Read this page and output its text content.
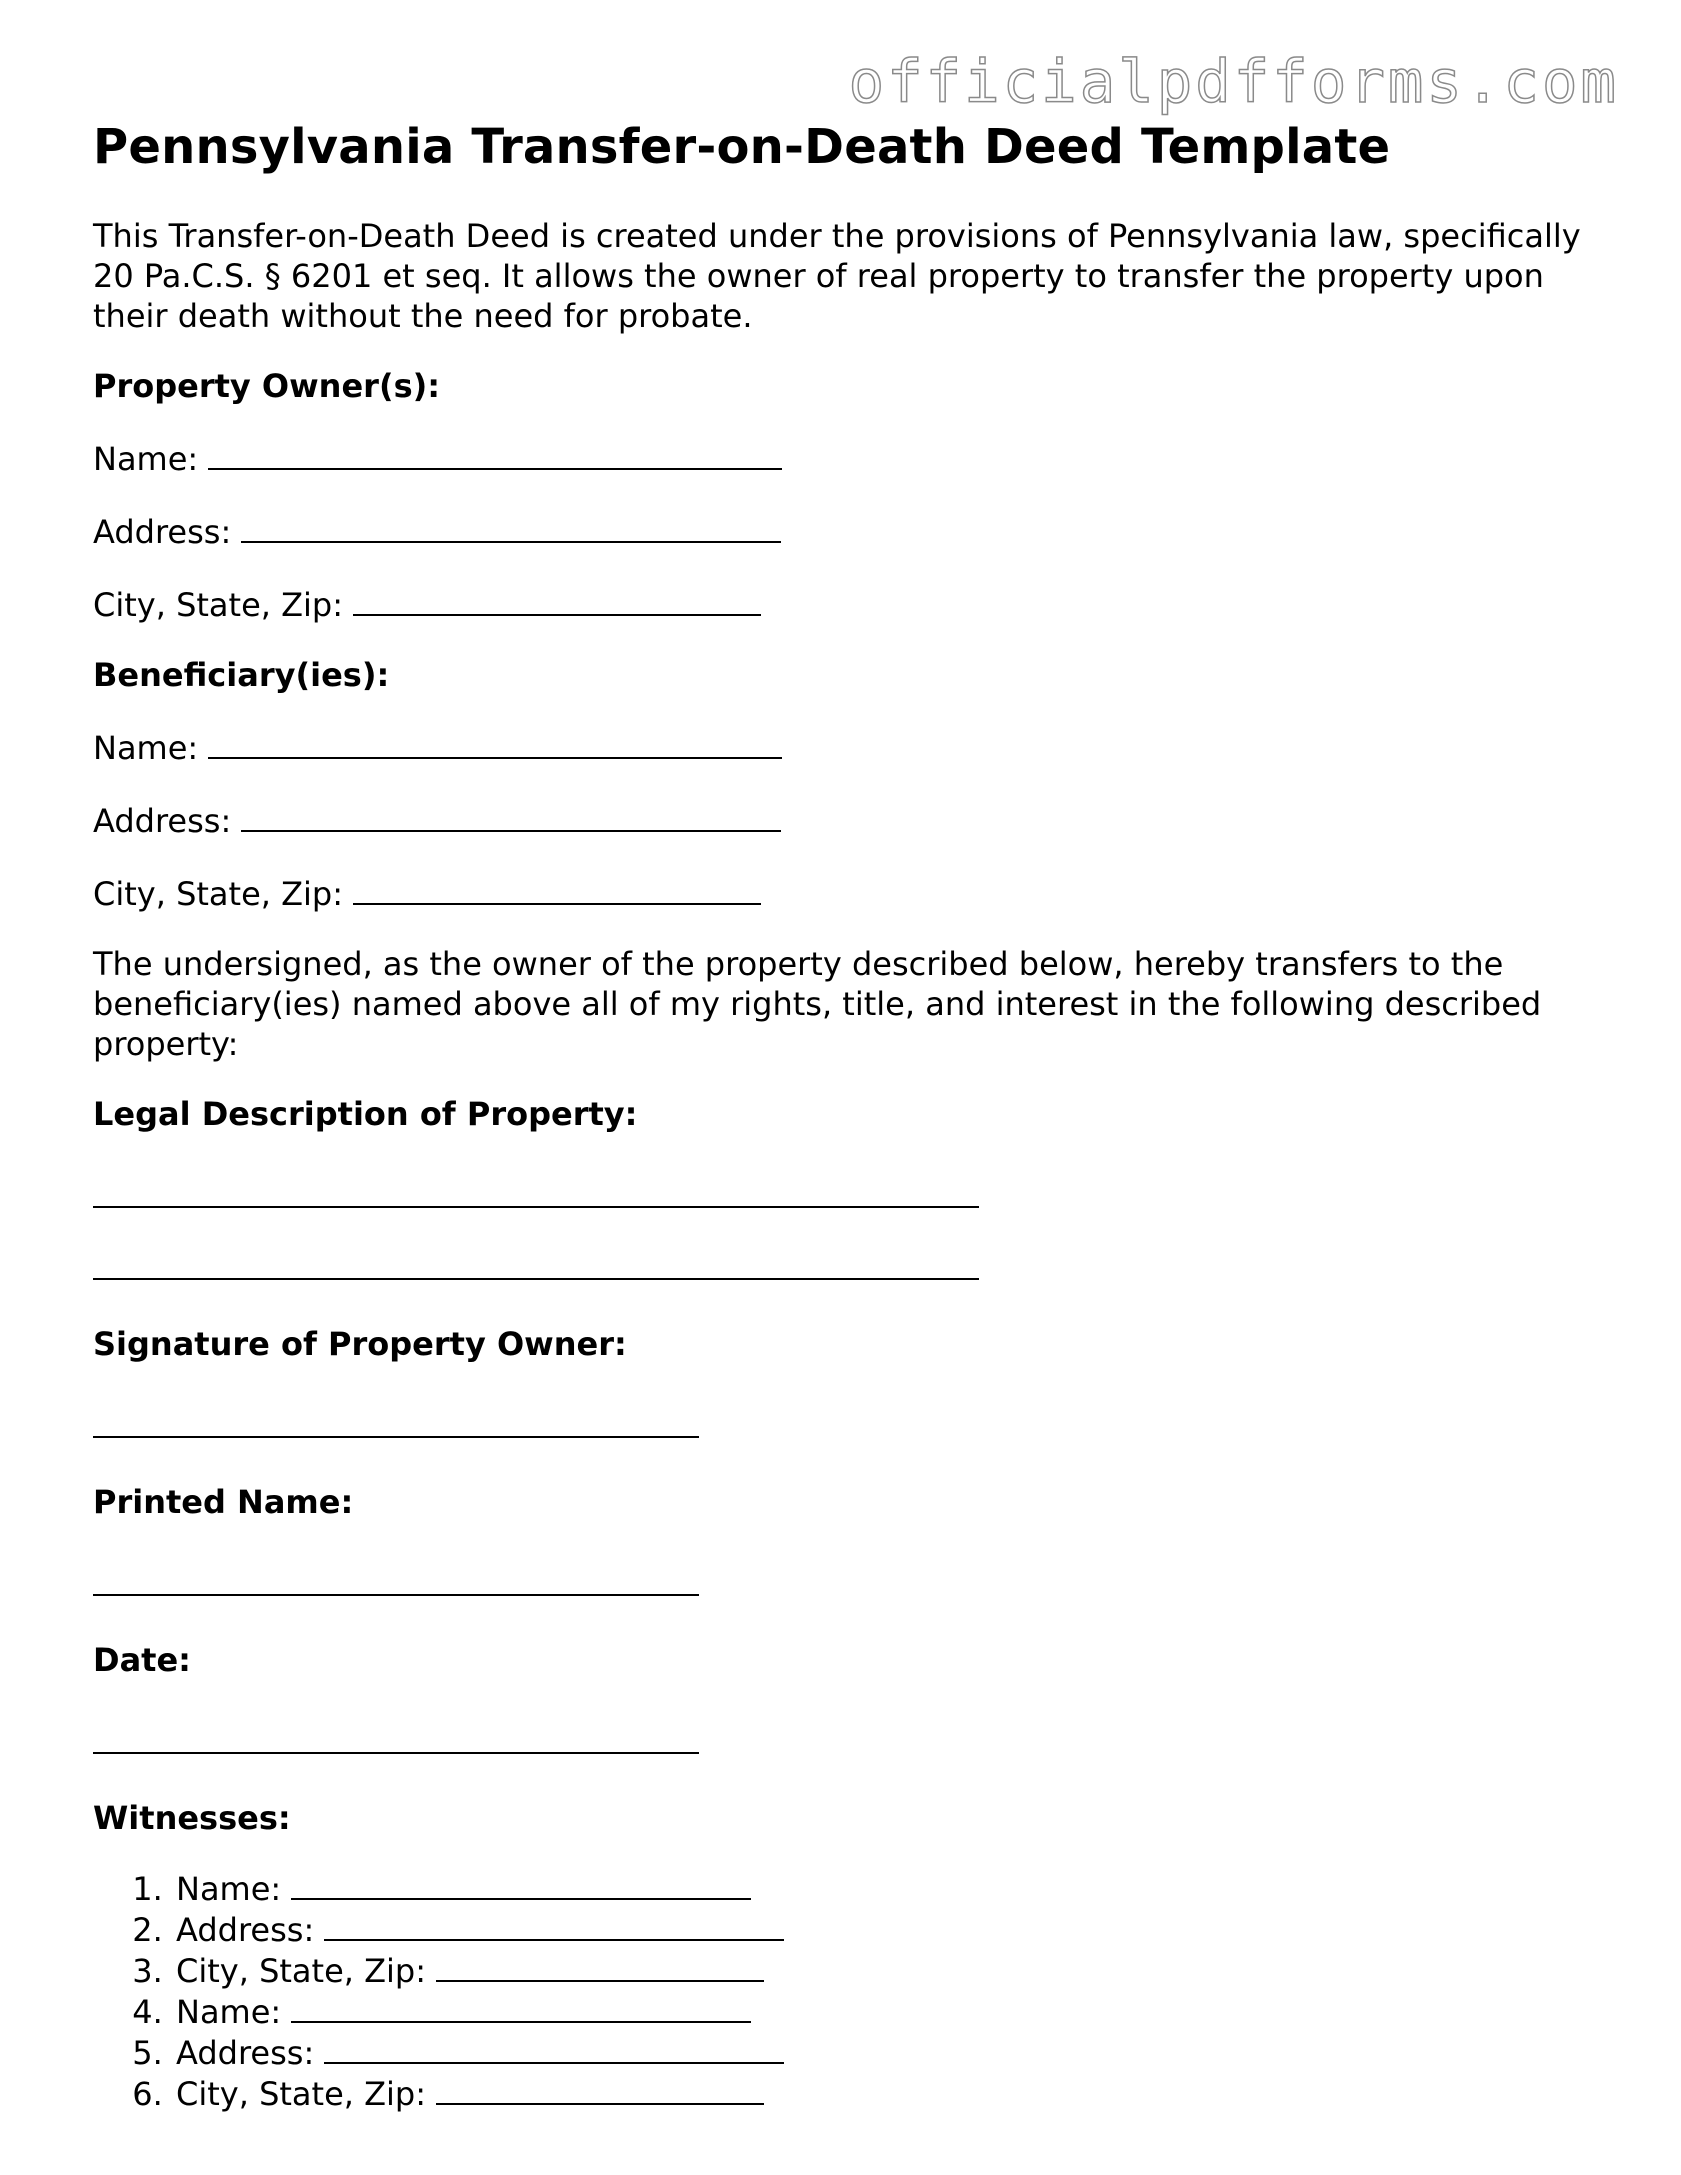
officialpdfforms.com
Pennsylvania Transfer-on-Death Deed Template

This Transfer-on-Death Deed is created under the provisions of Pennsylvania law, specifically 20 Pa.C.S. § 6201 et seq. It allows the owner of real property to transfer the property upon their death without the need for probate.

Property Owner(s):
Name:
Address:
City, State, Zip:
Beneficiary(ies):
Name:
Address:
City, State, Zip:

The undersigned, as the owner of the property described below, hereby transfers to the beneficiary(ies) named above all of my rights, title, and interest in the following described property:

Legal Description of Property:
Signature of Property Owner:
Printed Name:
Date:
Witnesses:
1. Name:
2. Address:
3. City, State, Zip:
4. Name:
5. Address:
6. City, State, Zip:
